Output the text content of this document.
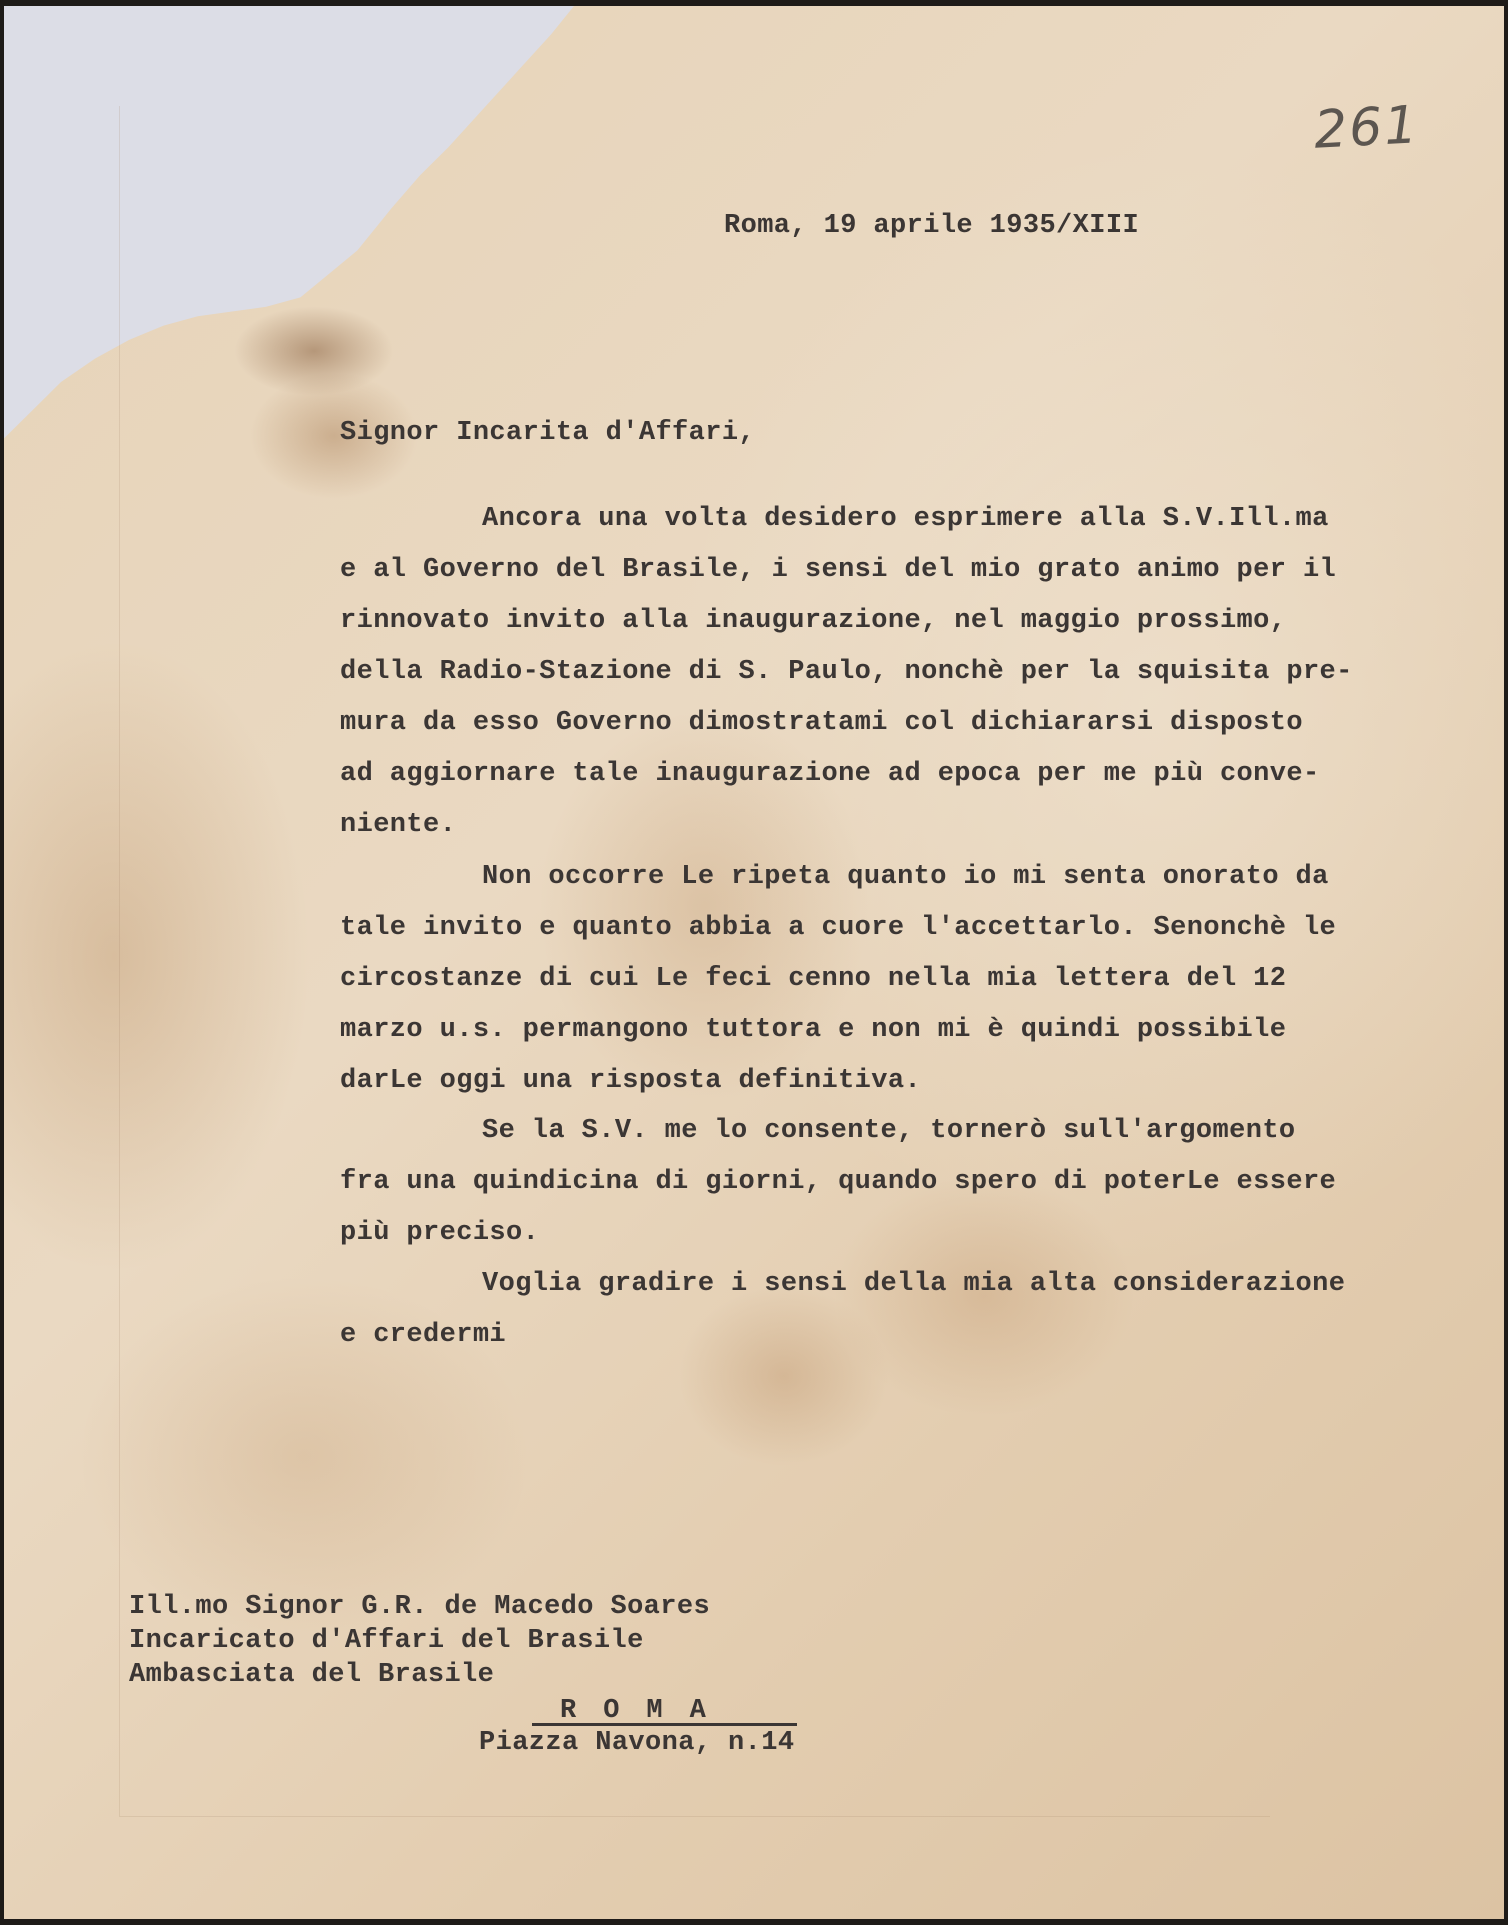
261
Roma, 19 aprile 1935/XIII
Signor Incarita d'Affari,
Ancora una volta desidero esprimere alla S.V.Ill.ma
e al Governo del Brasile, i sensi del mio grato animo per il
rinnovato invito alla inaugurazione, nel maggio prossimo,
della Radio-Stazione di S. Paulo, nonchè per la squisita pre-
mura da esso Governo dimostratami col dichiararsi disposto
ad aggiornare tale inaugurazione ad epoca per me più conve-
niente.
Non occorre Le ripeta quanto io mi senta onorato da
tale invito e quanto abbia a cuore l'accettarlo. Senonchè le
circostanze di cui Le feci cenno nella mia lettera del 12
marzo u.s. permangono tuttora e non mi è quindi possibile
darLe oggi una risposta definitiva.
Se la S.V. me lo consente, tornerò sull'argomento
fra una quindicina di giorni, quando spero di poterLe essere
più preciso.
Voglia gradire i sensi della mia alta considerazione
e credermi
Ill.mo Signor G.R. de Macedo Soares
Incaricato d'Affari del Brasile
Ambasciata del Brasile
ROMA
Piazza Navona, n.14
